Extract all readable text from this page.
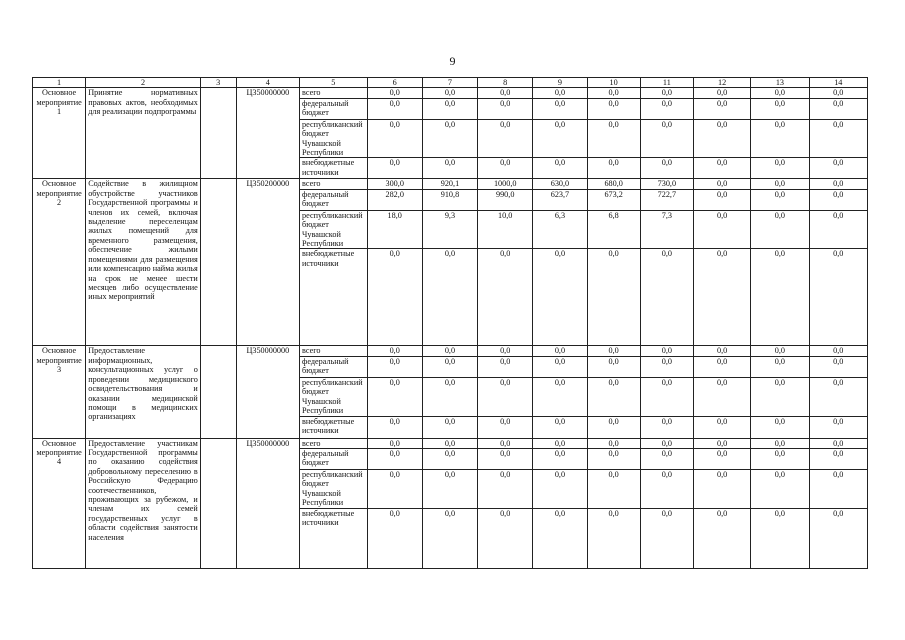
9
1	2	3	4	5	6	7	8	9	10	11	12	13	14
Основное мероприятие 1	Принятие нормативных правовых актов, необходимых для реализации подпрограммы		Ц350000000	всего	0,0	0,0	0,0	0,0	0,0	0,0	0,0	0,0	0,0
				федеральный бюджет	0,0	0,0	0,0	0,0	0,0	0,0	0,0	0,0	0,0
				республиканский бюджет Чувашской Республики	0,0	0,0	0,0	0,0	0,0	0,0	0,0	0,0	0,0
				внебюджетные источники	0,0	0,0	0,0	0,0	0,0	0,0	0,0	0,0	0,0
Основное мероприятие 2	Содействие в жилищном обустройстве участников Государственной программы и членов их семей, включая выделение переселенцам жилых помещений для временного размещения, обеспечение жилыми помещениями для размещения или компенсацию найма жилья на срок не менее шести месяцев либо осуществление иных мероприятий		Ц350200000	всего	300,0	920,1	1000,0	630,0	680,0	730,0	0,0	0,0	0,0
				федеральный бюджет	282,0	910,8	990,0	623,7	673,2	722,7	0,0	0,0	0,0
				республиканский бюджет Чувашской Республики	18,0	9,3	10,0	6,3	6,8	7,3	0,0	0,0	0,0
				внебюджетные источники	0,0	0,0	0,0	0,0	0,0	0,0	0,0	0,0	0,0
Основное мероприятие 3	Предоставление информационных, консультационных услуг о проведении медицинского освидетельствования и оказании медицинской помощи в медицинских организациях		Ц350000000	всего	0,0	0,0	0,0	0,0	0,0	0,0	0,0	0,0	0,0
				федеральный бюджет	0,0	0,0	0,0	0,0	0,0	0,0	0,0	0,0	0,0
				республиканский бюджет Чувашской Республики	0,0	0,0	0,0	0,0	0,0	0,0	0,0	0,0	0,0
				внебюджетные источники	0,0	0,0	0,0	0,0	0,0	0,0	0,0	0,0	0,0
Основное мероприятие 4	Предоставление участникам Государственной программы по оказанию содействия добровольному переселению в Российскую Федерацию соотечественников, проживающих за рубежом, и членам их семей государственных услуг в области содействия занятости населения		Ц350000000	всего	0,0	0,0	0,0	0,0	0,0	0,0	0,0	0,0	0,0
				федеральный бюджет	0,0	0,0	0,0	0,0	0,0	0,0	0,0	0,0	0,0
				республиканский бюджет Чувашской Республики	0,0	0,0	0,0	0,0	0,0	0,0	0,0	0,0	0,0
				внебюджетные источники	0,0	0,0	0,0	0,0	0,0	0,0	0,0	0,0	0,0
